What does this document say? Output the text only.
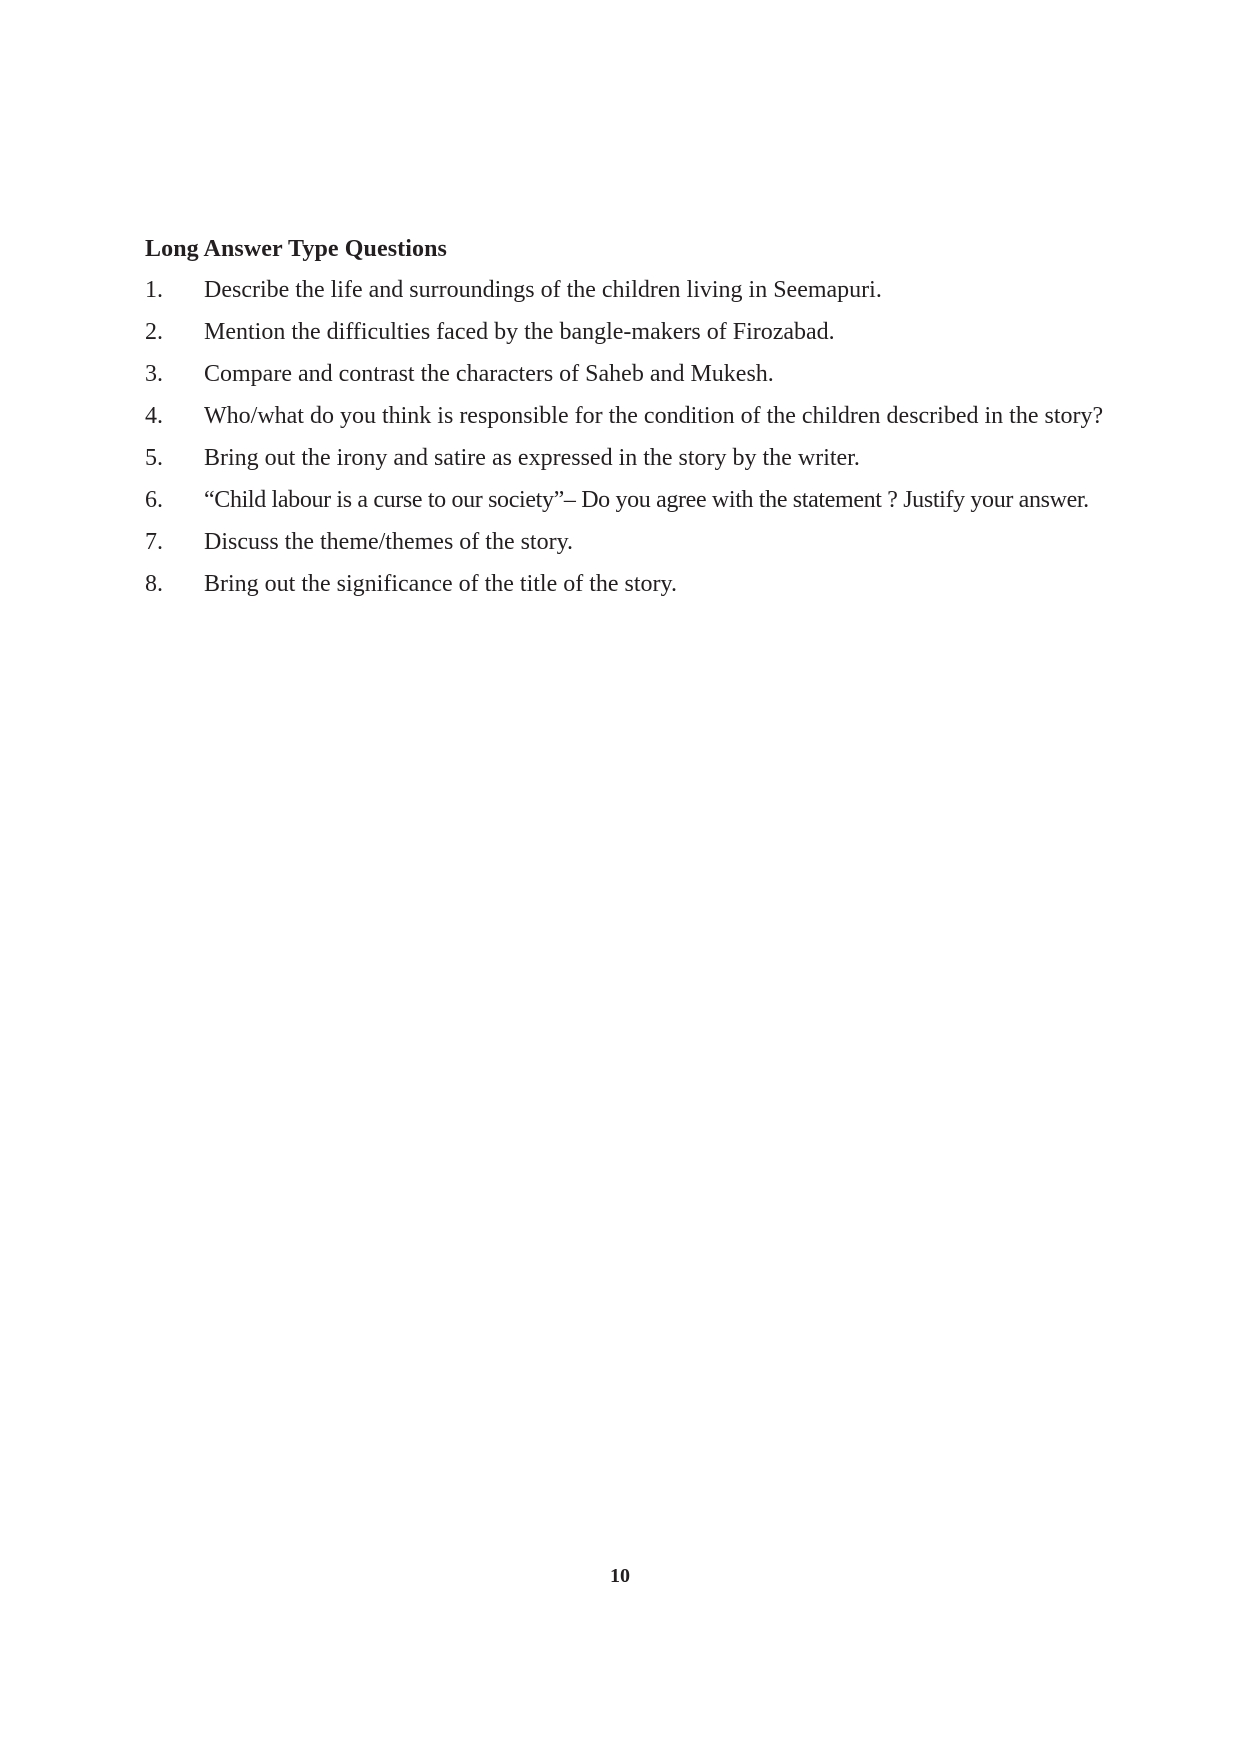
Long Answer Type Questions
1.	Describe the life and surroundings of the children living in Seemapuri.
2.	Mention the difficulties faced by the bangle-makers of Firozabad.
3.	Compare and contrast the characters of Saheb and Mukesh.
4.	Who/what do you think is responsible for the condition of the children described in the story?
5.	Bring out the irony and satire as expressed in the story by the writer.
6.	“Child labour is a curse to our society”– Do you agree with the statement ? Justify your answer.
7.	Discuss the theme/themes of the story.
8.	Bring out the significance of the title of the story.
10
